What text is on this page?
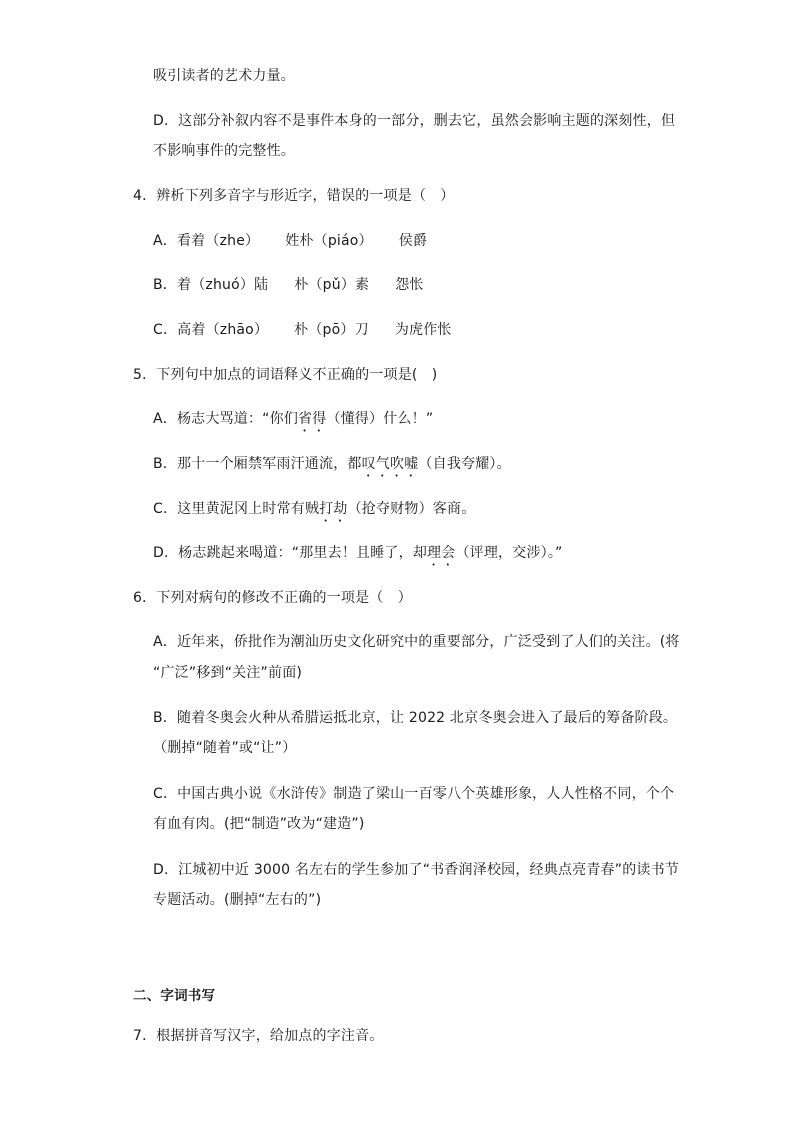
吸引读者的艺术力量。
D．这部分补叙内容不是事件本身的一部分，删去它，虽然会影响主题的深刻性，但
不影响事件的完整性。
4．辨析下列多音字与形近字，错误的一项是（　）
A．看着（zhe） 姓朴（piáo） 侯爵
B．着（zhuó）陆 朴（pǔ）素 怨怅
C．高着（zhāo） 朴（pō）刀 为虎作怅
5．下列句中加点的词语释义不正确的一项是(　)
A．杨志大骂道：“你们省得（懂得）什么！”
B．那十一个厢禁军雨汗通流，都叹气吹嘘（自我夸耀）。
C．这里黄泥冈上时常有贼打劫（抢夺财物）客商。
D．杨志跳起来喝道：“那里去！且睡了，却理会（评理，交涉）。”
6．下列对病句的修改不正确的一项是（　）
A．近年来，侨批作为潮汕历史文化研究中的重要部分，广泛受到了人们的关注。(将
“广泛”移到“关注”前面)
B．随着冬奥会火种从希腊运抵北京，让 2022 北京冬奥会进入了最后的筹备阶段。
（删掉“随着”或“让”）
C．中国古典小说《水浒传》制造了梁山一百零八个英雄形象，人人性格不同，个个
有血有肉。(把“制造”改为“建造”)
D．江城初中近 3000 名左右的学生参加了“书香润泽校园，经典点亮青春”的读书节
专题活动。(删掉“左右的”)
二、字词书写
7．根据拼音写汉字，给加点的字注音。
